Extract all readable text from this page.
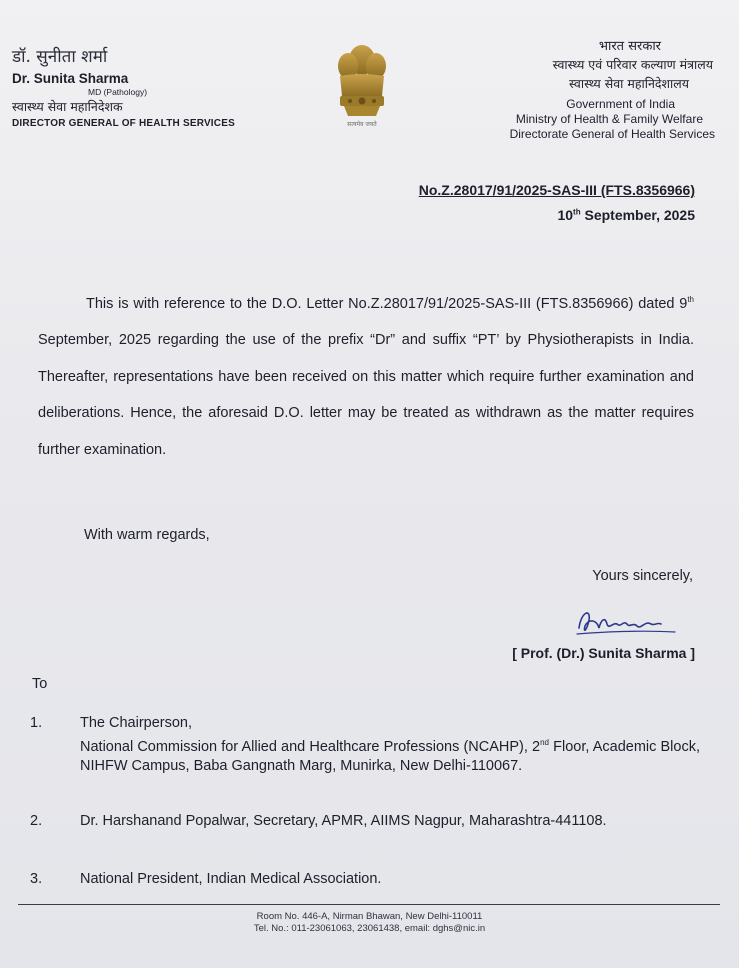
डॉ. सुनीता शर्मा
Dr. Sunita Sharma
MD (Pathology)
स्वास्थ्य सेवा महानिदेशक
DIRECTOR GENERAL OF HEALTH SERVICES	सत्यमेव जयते
भारत सरकार
स्वास्थ्य एवं परिवार कल्याण मंत्रालय
स्वास्थ्य सेवा महानिदेशालय
Government of India
Ministry of Health & Family Welfare
Directorate General of Health Services
No.Z.28017/91/2025-SAS-III (FTS.8356966)
10th September, 2025
This is with reference to the D.O. Letter No.Z.28017/91/2025-SAS-III (FTS.8356966) dated 9th September, 2025 regarding the use of the prefix “Dr” and suffix “PT’ by Physiotherapists in India. Thereafter, representations have been received on this matter which require further examination and deliberations. Hence, the aforesaid D.O. letter may be treated as withdrawn as the matter requires further examination.
With warm regards,
Yours sincerely,
[ Prof. (Dr.) Sunita Sharma ]
To
1.	The Chairperson,
National Commission for Allied and Healthcare Professions (NCAHP), 2nd Floor, Academic Block, NIHFW Campus, Baba Gangnath Marg, Munirka, New Delhi-110067.
2.	Dr. Harshanand Popalwar, Secretary, APMR, AIIMS Nagpur, Maharashtra-441108.
3.	National President, Indian Medical Association.
Room No. 446-A, Nirman Bhawan, New Delhi-110011
Tel. No.: 011-23061063, 23061438, email: dghs@nic.in
